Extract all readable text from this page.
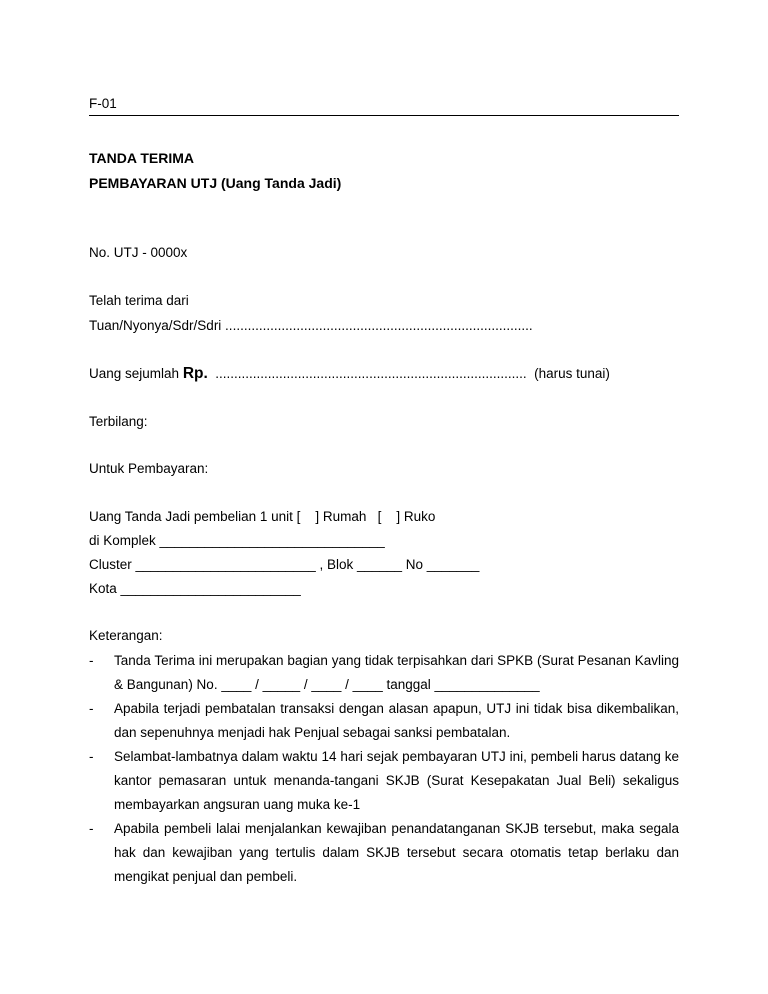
F-01
TANDA TERIMA
PEMBAYARAN UTJ (Uang Tanda Jadi)
No. UTJ - 0000x
Telah terima dari
Tuan/Nyonya/Sdr/Sdri ..................................................................................
Uang sejumlah Rp.  ...................................................................................  (harus tunai)
Terbilang:
Untuk Pembayaran:
Uang Tanda Jadi pembelian 1 unit [    ] Rumah   [    ] Ruko
di Komplek ______________________________
Cluster ________________________ , Blok ______ No _______
Kota ________________________
Keterangan:
- Tanda Terima ini merupakan bagian yang tidak terpisahkan dari SPKB (Surat Pesanan Kavling & Bangunan) No. ____ / _____ / ____ / ____ tanggal ______________
- Apabila terjadi pembatalan transaksi dengan alasan apapun, UTJ ini tidak bisa dikembalikan, dan sepenuhnya menjadi hak Penjual sebagai sanksi pembatalan.
- Selambat-lambatnya dalam waktu 14 hari sejak pembayaran UTJ ini, pembeli harus datang ke kantor pemasaran untuk menanda-tangani SKJB (Surat Kesepakatan Jual Beli) sekaligus membayarkan angsuran uang muka ke-1
- Apabila pembeli lalai menjalankan kewajiban penandatanganan SKJB tersebut, maka segala hak dan kewajiban yang tertulis dalam SKJB tersebut secara otomatis tetap berlaku dan mengikat penjual dan pembeli.
